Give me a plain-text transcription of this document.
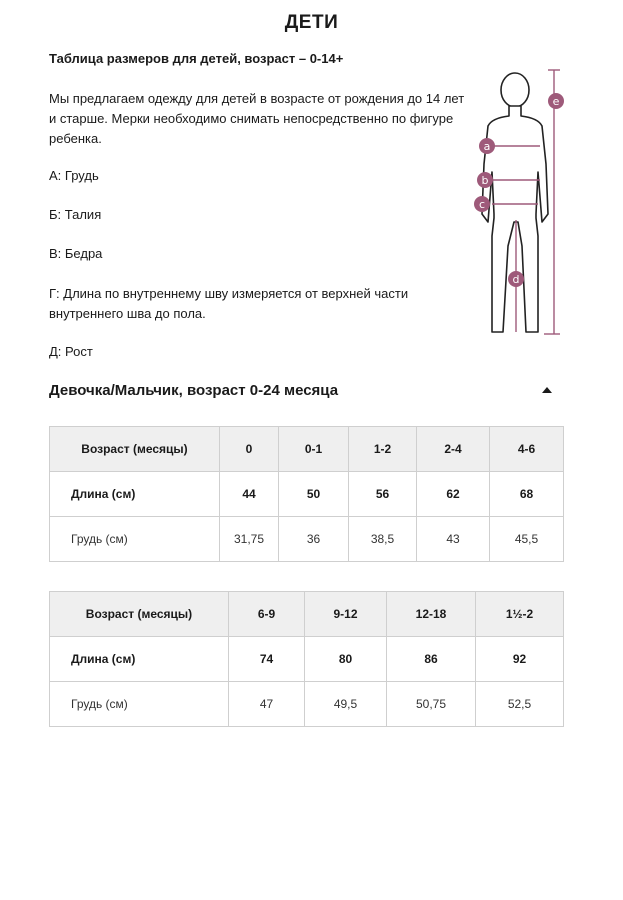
ДЕТИ
Таблица размеров для детей, возраст – 0-14+
Мы предлагаем одежду для детей в возрасте от рождения до 14 лет и старше. Мерки необходимо снимать непосредственно по фигуре ребенка.
А: Грудь
Б: Талия
В: Бедра
Г: Длина по внутреннему шву измеряется от верхней части внутреннего шва до пола.
Д: Рост
a
b
c
d
e
Девочка/Мальчик, возраст 0-24 месяца
Возраст (месяцы)	0	0-1	1-2	2-4	4-6
Длина (см)	44	50	56	62	68
Грудь (см)	31,75	36	38,5	43	45,5
Возраст (месяцы)	6-9	9-12	12-18	1½-2
Длина (см)	74	80	86	92
Грудь (см)	47	49,5	50,75	52,5
